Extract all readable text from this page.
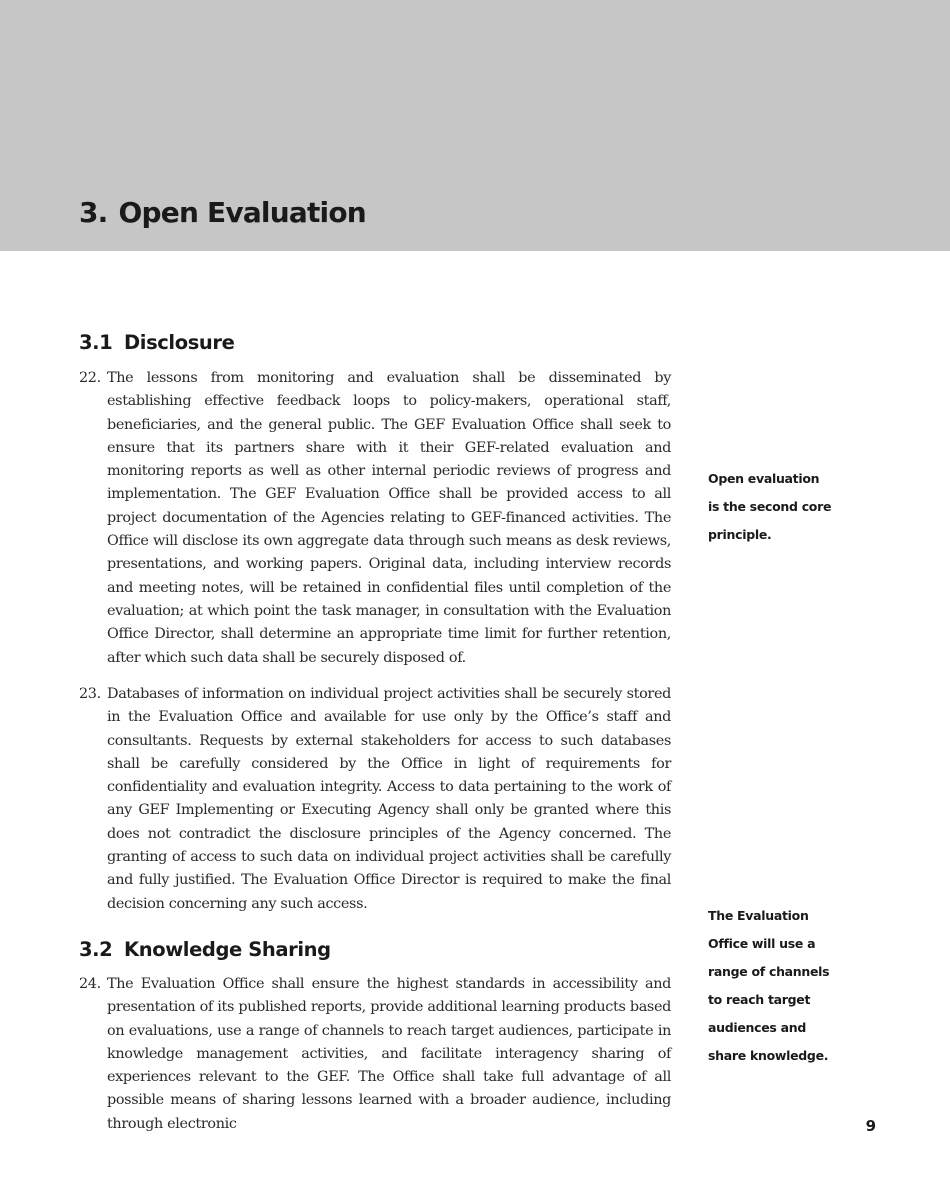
3. Open Evaluation
3.1 Disclosure
22. The lessons from monitoring and evaluation shall be disseminated by establishing effective feedback loops to policy-makers, operational staff, beneficiaries, and the general public. The GEF Evaluation Office shall seek to ensure that its partners share with it their GEF-related evaluation and monitoring reports as well as other internal periodic reviews of progress and implementation. The GEF Evaluation Office shall be provided access to all project documentation of the Agencies relating to GEF-financed activities. The Office will disclose its own aggregate data through such means as desk reviews, presentations, and working papers. Original data, including interview records and meeting notes, will be retained in confidential files until completion of the evaluation; at which point the task manager, in consultation with the Evaluation Office Director, shall determine an appropriate time limit for further retention, after which such data shall be securely disposed of.
23. Databases of information on individual project activities shall be securely stored in the Evaluation Office and available for use only by the Office’s staff and consultants. Requests by external stakeholders for access to such databases shall be carefully considered by the Office in light of requirements for confidentiality and evaluation integrity. Access to data pertaining to the work of any GEF Implementing or Executing Agency shall only be granted where this does not contradict the disclosure principles of the Agency concerned. The granting of access to such data on individual project activities shall be carefully and fully justified. The Evaluation Office Director is required to make the final decision concerning any such access.
3.2 Knowledge Sharing
24. The Evaluation Office shall ensure the highest standards in accessibility and presentation of its published reports, provide additional learning products based on evaluations, use a range of channels to reach target audiences, participate in knowledge management activities, and facilitate interagency sharing of experiences relevant to the GEF. The Office shall take full advantage of all possible means of sharing lessons learned with a broader audience, including through electronic
Open evaluation
is the second core
principle.
The Evaluation
Office will use a
range of channels
to reach target
audiences and
share knowledge.
9
